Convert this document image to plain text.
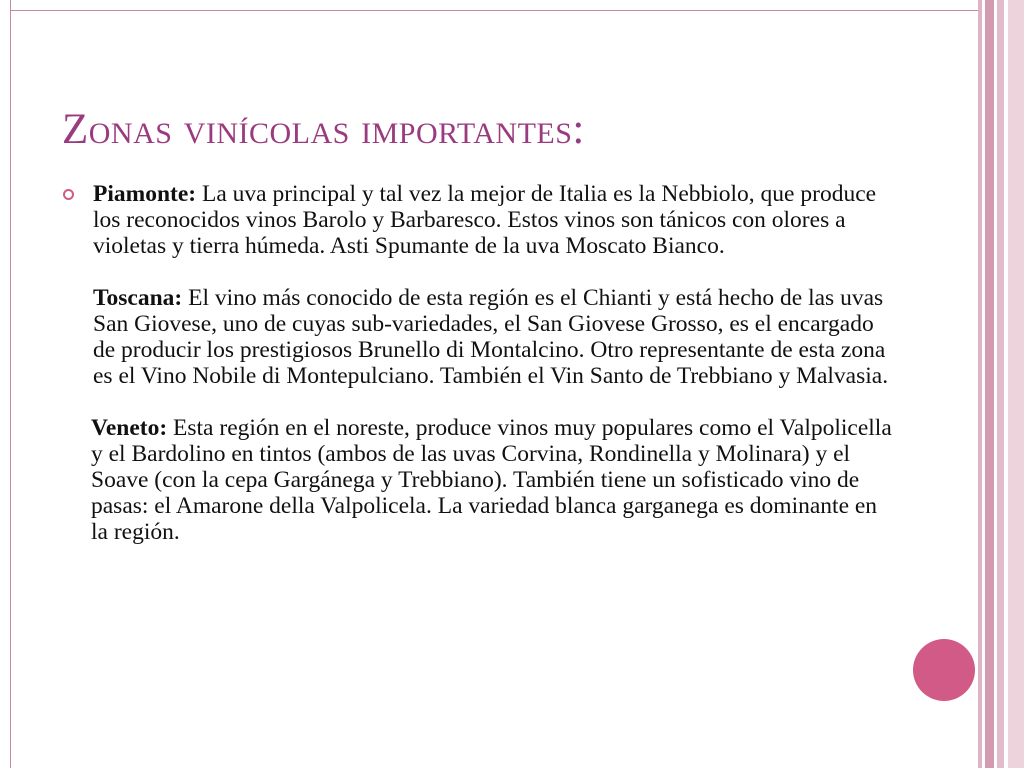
Zonas vinícolas importantes:

Piamonte: La uva principal y tal vez la mejor de Italia es la Nebbiolo, que produce los reconocidos vinos Barolo y Barbaresco. Estos vinos son tánicos con olores a violetas y tierra húmeda. Asti Spumante de la uva Moscato Bianco.

Toscana: El vino más conocido de esta región es el Chianti y está hecho de las uvas San Giovese, uno de cuyas sub-variedades, el San Giovese Grosso, es el encargado de producir los prestigiosos Brunello di Montalcino. Otro representante de esta zona es el Vino Nobile di Montepulciano. También el Vin Santo de Trebbiano y Malvasia.

Veneto: Esta región en el noreste, produce vinos muy populares como el Valpolicella y el Bardolino en tintos (ambos de las uvas Corvina, Rondinella y Molinara) y el Soave (con la cepa Gargánega y Trebbiano). También tiene un sofisticado vino de pasas: el Amarone della Valpolicela. La variedad blanca garganega es dominante en la región.
